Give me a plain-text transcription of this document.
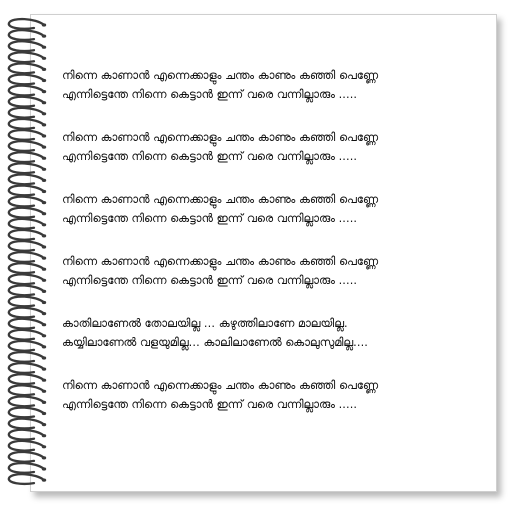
നിന്നെ കാണാൻ എന്നെക്കാളും ചന്തം കാണും കഞ്ഞി പെണ്ണേ
എന്നിട്ടെന്തേ നിന്നെ കെട്ടാൻ ഇന്ന് വരെ വന്നില്ലാരും .....
നിന്നെ കാണാൻ എന്നെക്കാളും ചന്തം കാണും കഞ്ഞി പെണ്ണേ
എന്നിട്ടെന്തേ നിന്നെ കെട്ടാൻ ഇന്ന് വരെ വന്നില്ലാരും .....
നിന്നെ കാണാൻ എന്നെക്കാളും ചന്തം കാണും കഞ്ഞി പെണ്ണേ
എന്നിട്ടെന്തേ നിന്നെ കെട്ടാൻ ഇന്ന് വരെ വന്നില്ലാരും .....
നിന്നെ കാണാൻ എന്നെക്കാളും ചന്തം കാണും കഞ്ഞി പെണ്ണേ
എന്നിട്ടെന്തേ നിന്നെ കെട്ടാൻ ഇന്ന് വരെ വന്നില്ലാരും .....
കാതിലാണേൽ തോലയില്ല ... കഴുത്തിലാണേ മാലയില്ല.
കയ്യിലാണേൽ വളയുമില്ല... കാലിലാണേൽ കൊലുസുമില്ല....
നിന്നെ കാണാൻ എന്നെക്കാളും ചന്തം കാണും കഞ്ഞി പെണ്ണേ
എന്നിട്ടെന്തേ നിന്നെ കെട്ടാൻ ഇന്ന് വരെ വന്നില്ലാരും .....
